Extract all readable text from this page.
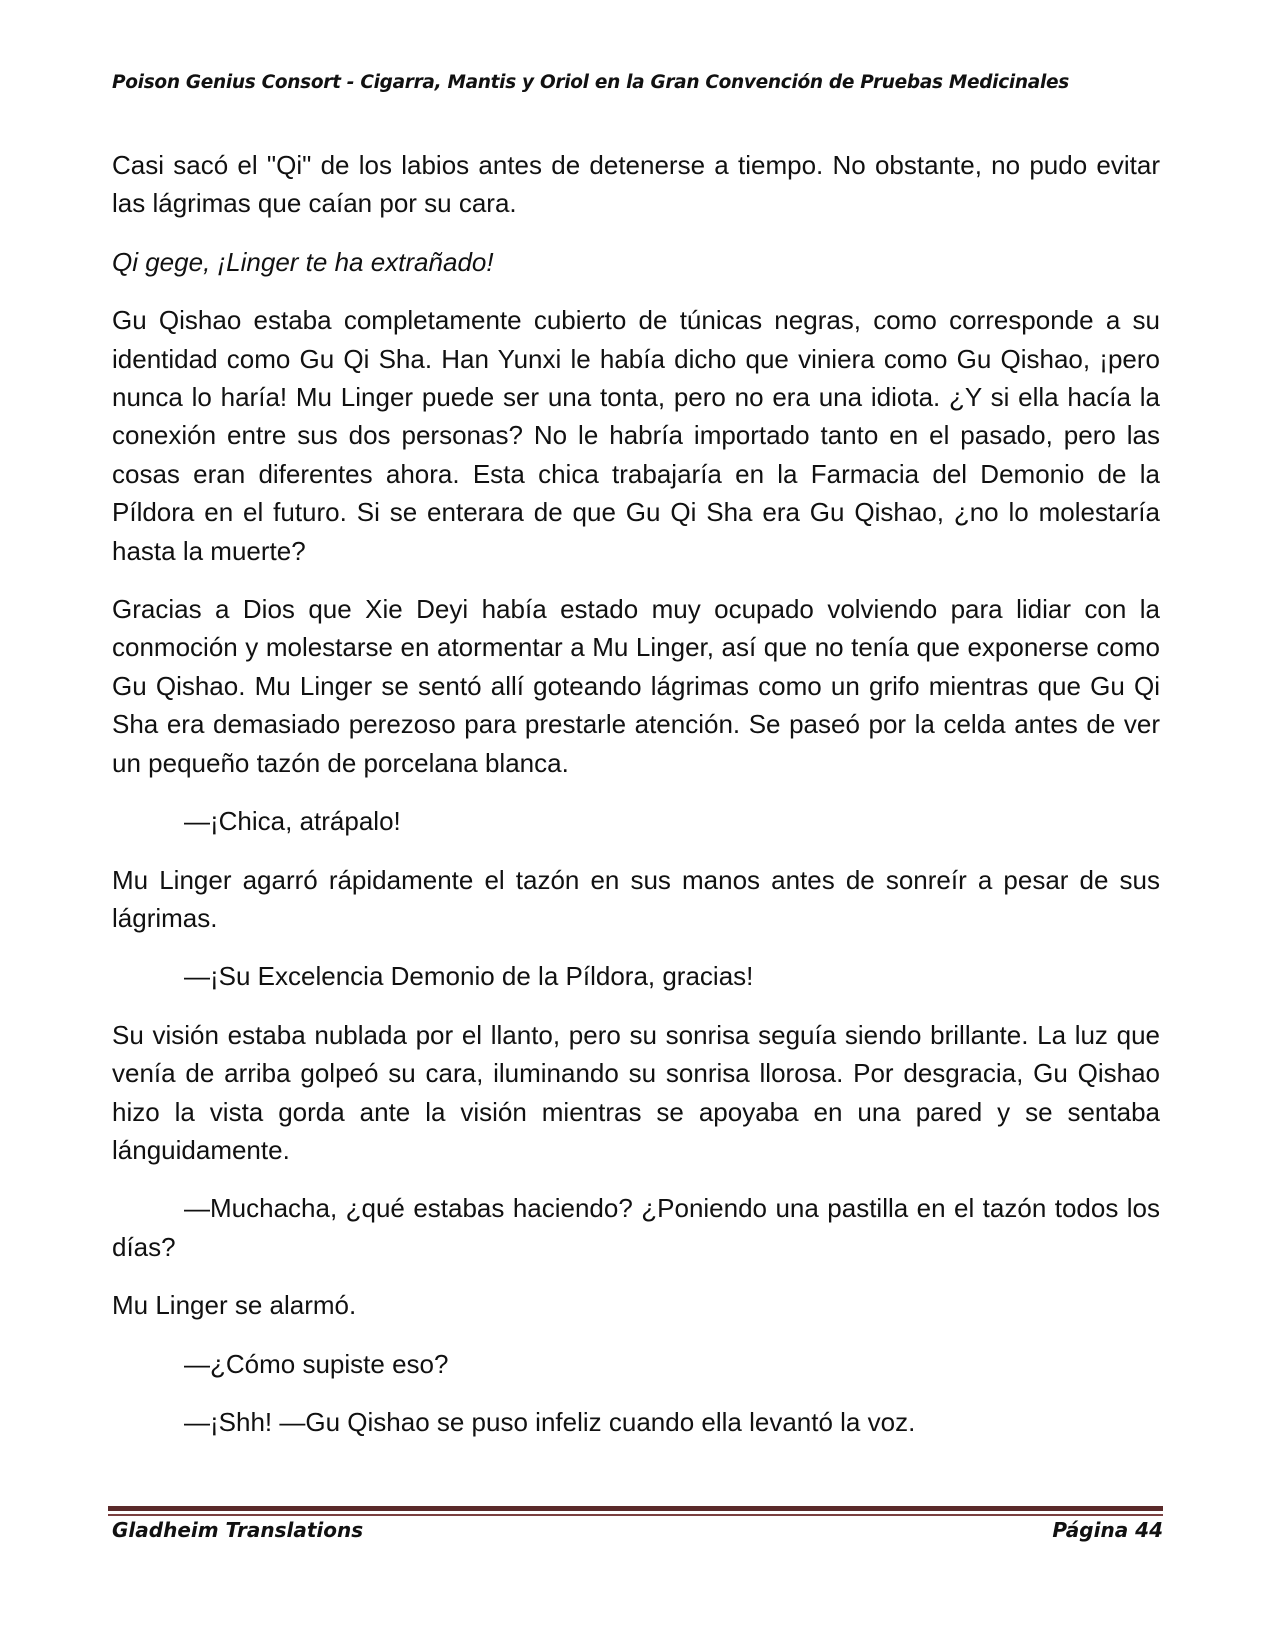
Poison Genius Consort - Cigarra, Mantis y Oriol en la Gran Convención de Pruebas Medicinales

Casi sacó el "Qi" de los labios antes de detenerse a tiempo. No obstante, no pudo evitar las lágrimas que caían por su cara.

Qi gege, ¡Linger te ha extrañado!

Gu Qishao estaba completamente cubierto de túnicas negras, como corresponde a su identidad como Gu Qi Sha. Han Yunxi le había dicho que viniera como Gu Qishao, ¡pero nunca lo haría! Mu Linger puede ser una tonta, pero no era una idiota. ¿Y si ella hacía la conexión entre sus dos personas? No le habría importado tanto en el pasado, pero las cosas eran diferentes ahora. Esta chica trabajaría en la Farmacia del Demonio de la Píldora en el futuro. Si se enterara de que Gu Qi Sha era Gu Qishao, ¿no lo molestaría hasta la muerte?

Gracias a Dios que Xie Deyi había estado muy ocupado volviendo para lidiar con la conmoción y molestarse en atormentar a Mu Linger, así que no tenía que exponerse como Gu Qishao. Mu Linger se sentó allí goteando lágrimas como un grifo mientras que Gu Qi Sha era demasiado perezoso para prestarle atención. Se paseó por la celda antes de ver un pequeño tazón de porcelana blanca.

—¡Chica, atrápalo!

Mu Linger agarró rápidamente el tazón en sus manos antes de sonreír a pesar de sus lágrimas.

—¡Su Excelencia Demonio de la Píldora, gracias!

Su visión estaba nublada por el llanto, pero su sonrisa seguía siendo brillante. La luz que venía de arriba golpeó su cara, iluminando su sonrisa llorosa. Por desgracia, Gu Qishao hizo la vista gorda ante la visión mientras se apoyaba en una pared y se sentaba lánguidamente.

—Muchacha, ¿qué estabas haciendo? ¿Poniendo una pastilla en el tazón todos los días?

Mu Linger se alarmó.

—¿Cómo supiste eso?

—¡Shh! —Gu Qishao se puso infeliz cuando ella levantó la voz.

Gladheim Translations	Página 44
